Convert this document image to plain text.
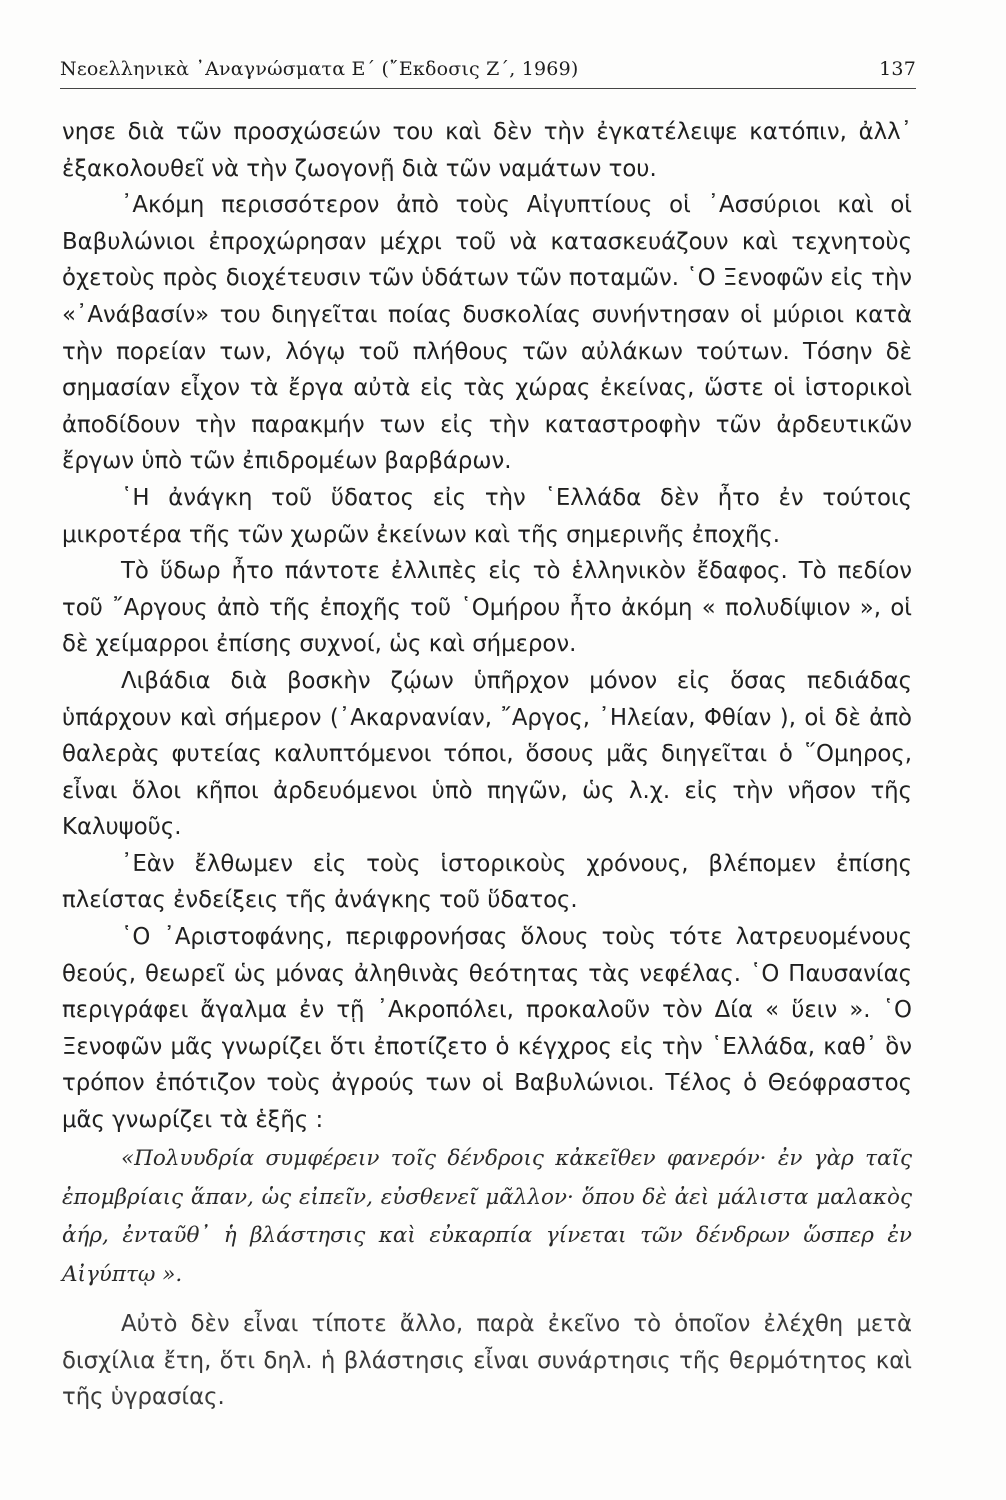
Νεοελληνικὰ ᾿Αναγνώσματα Ε΄ (῎Εκδοσις Ζ΄, 1969)	137

νησε διὰ τῶν προσχώσεών του καὶ δὲν τὴν ἐγκατέλειψε κατόπιν, ἀλλ᾿ ἐξακολουθεῖ νὰ τὴν ζωογονῇ διὰ τῶν ναμάτων του.

᾿Ακόμη περισσότερον ἀπὸ τοὺς Αἰγυπτίους οἱ ᾿Ασσύριοι καὶ οἱ Βαβυλώνιοι ἐπροχώρησαν μέχρι τοῦ νὰ κατασκευάζουν καὶ τεχνητοὺς ὀχετοὺς πρὸς διοχέτευσιν τῶν ὑδάτων τῶν ποταμῶν. ῾Ο Ξενοφῶν εἰς τὴν «᾿Ανάβασίν» του διηγεῖται ποίας δυσκολίας συνήντησαν οἱ μύριοι κατὰ τὴν πορείαν των, λόγῳ τοῦ πλήθους τῶν αὐλάκων τούτων. Τόσην δὲ σημασίαν εἶχον τὰ ἔργα αὐτὰ εἰς τὰς χώρας ἐκείνας, ὥστε οἱ ἱστορικοὶ ἀποδίδουν τὴν παρακμήν των εἰς τὴν καταστροφὴν τῶν ἀρδευτικῶν ἔργων ὑπὸ τῶν ἐπιδρομέων βαρβάρων.

῾Η ἀνάγκη τοῦ ὕδατος εἰς τὴν ῾Ελλάδα δὲν ἦτο ἐν τούτοις μικροτέρα τῆς τῶν χωρῶν ἐκείνων καὶ τῆς σημερινῆς ἐποχῆς.

Τὸ ὕδωρ ἦτο πάντοτε ἐλλιπὲς εἰς τὸ ἑλληνικὸν ἔδαφος. Τὸ πεδίον τοῦ ῎Αργους ἀπὸ τῆς ἐποχῆς τοῦ ῾Ομήρου ἦτο ἀκόμη « πολυδίψιον », οἱ δὲ χείμαρροι ἐπίσης συχνοί, ὡς καὶ σήμερον.

Λιβάδια διὰ βοσκὴν ζῴων ὑπῆρχον μόνον εἰς ὅσας πεδιάδας ὑπάρχουν καὶ σήμερον (᾿Ακαρνανίαν, ῎Αργος, ᾿Ηλείαν, Φθίαν ), οἱ δὲ ἀπὸ θαλερὰς φυτείας καλυπτόμενοι τόποι, ὅσους μᾶς διηγεῖται ὁ ῞Ομηρος, εἶναι ὅλοι κῆποι ἀρδευόμενοι ὑπὸ πηγῶν, ὡς λ.χ. εἰς τὴν νῆσον τῆς Καλυψοῦς.

᾿Εὰν ἔλθωμεν εἰς τοὺς ἱστορικοὺς χρόνους, βλέπομεν ἐπίσης πλείστας ἐνδείξεις τῆς ἀνάγκης τοῦ ὕδατος.

῾Ο ᾿Αριστοφάνης, περιφρονήσας ὅλους τοὺς τότε λατρευομένους θεούς, θεωρεῖ ὡς μόνας ἀληθινὰς θεότητας τὰς νεφέλας. ῾Ο Παυσανίας περιγράφει ἄγαλμα ἐν τῇ ᾿Ακροπόλει, προκαλοῦν τὸν Δία « ὕειν ». ῾Ο Ξενοφῶν μᾶς γνωρίζει ὅτι ἐποτίζετο ὁ κέγχρος εἰς τὴν ῾Ελλάδα, καθ᾿ ὃν τρόπον ἐπότιζον τοὺς ἀγρούς των οἱ Βαβυλώνιοι. Τέλος ὁ Θεόφραστος μᾶς γνωρίζει τὰ ἑξῆς :

«Πολυυδρία συμφέρειν τοῖς δένδροις κἀκεῖθεν φανερόν· ἐν γὰρ ταῖς ἐπομβρίαις ἅπαν, ὡς εἰπεῖν, εὐσθενεῖ μᾶλλον· ὅπου δὲ ἀεὶ μάλιστα μαλακὸς ἀήρ, ἐνταῦθ᾿ ἡ βλάστησις καὶ εὐκαρπία γίνεται τῶν δένδρων ὥσπερ ἐν Αἰγύπτῳ ».

Αὐτὸ δὲν εἶναι τίποτε ἄλλο, παρὰ ἐκεῖνο τὸ ὁποῖον ἐλέχθη μετὰ δισχίλια ἔτη, ὅτι δηλ. ἡ βλάστησις εἶναι συνάρτησις τῆς θερμότητος καὶ τῆς ὑγρασίας.
